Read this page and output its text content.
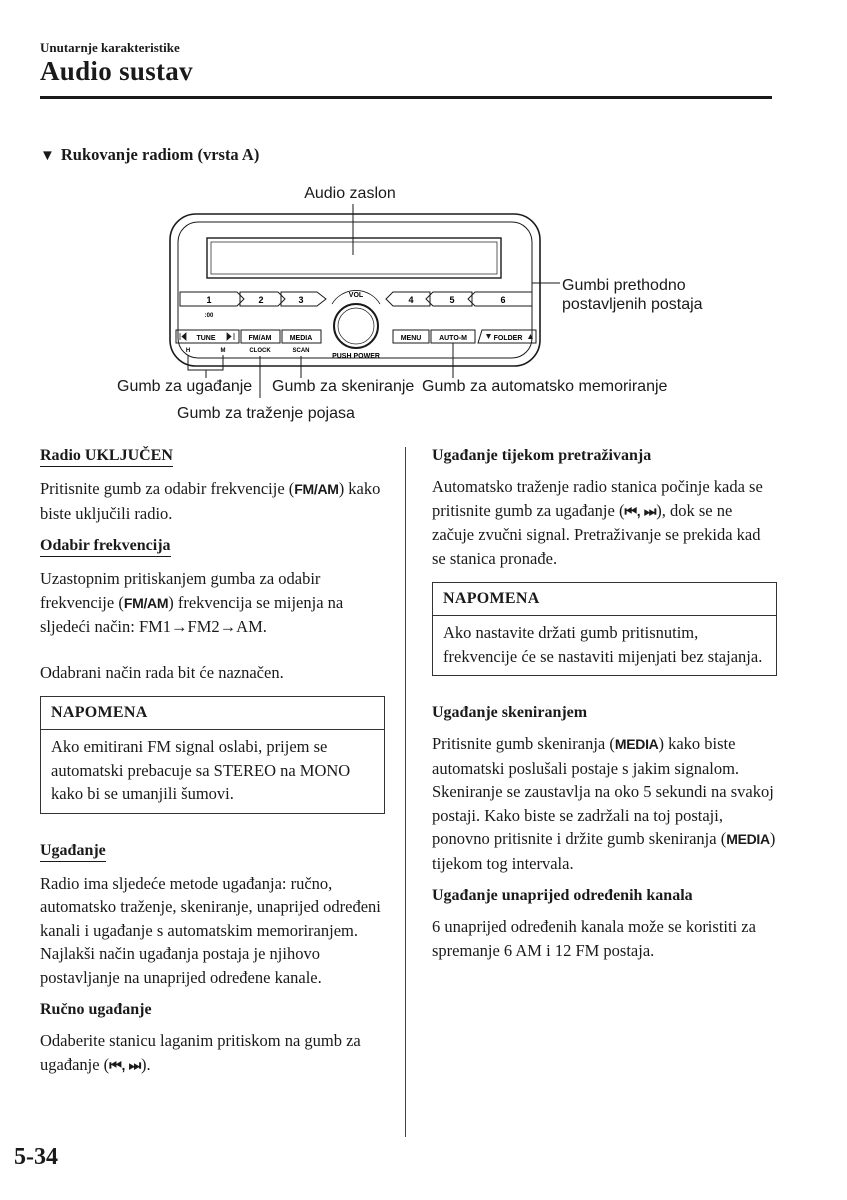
Unutarnje karakteristike
Audio sustav
▼ Rukovanje radiom (vrsta A)
Audio zaslon
1
:00
2	3	4	5	6
VOL
PUSH POWER
TUNE
H	M
FM/AM
CLOCK
MEDIA
SCAN
MENU	AUTO-M	FOLDER
Gumbi prethodno
postavljenih postaja
Gumb za ugađanje
Gumb za traženje pojasa
Gumb za skeniranje Gumb za automatsko memoriranje
Radio UKLJUČEN

Pritisnite gumb za odabir frekvencije (FM/AM) kako biste uključili radio.

Odabir frekvencija

Uzastopnim pritiskanjem gumba za odabir frekvencije (FM/AM) frekvencija se mijenja na sljedeći način: FM1→FM2→AM.

Odabrani način rada bit će naznačen.

NAPOMENA
Ako emitirani FM signal oslabi, prijem se automatski prebacuje sa STEREO na MONO kako bi se umanjili šumovi.
Ugađanje

Radio ima sljedeće metode ugađanja: ručno, automatsko traženje, skeniranje, unaprijed određeni kanali i ugađanje s automatskim memoriranjem. Najlakši način ugađanja postaja je njihovo postavljanje na unaprijed određene kanale.

Ručno ugađanje

Odaberite stanicu laganim pritiskom na gumb za ugađanje (⏮, ⏭).

Ugađanje tijekom pretraživanja

Automatsko traženje radio stanica počinje kada se pritisnite gumb za ugađanje (⏮, ⏭), dok se ne začuje zvučni signal. Pretraživanje se prekida kad se stanica pronađe.

NAPOMENA
Ako nastavite držati gumb pritisnutim, frekvencije će se nastaviti mijenjati bez stajanja.
Ugađanje skeniranjem

Pritisnite gumb skeniranja (MEDIA) kako biste automatski poslušali postaje s jakim signalom. Skeniranje se zaustavlja na oko 5 sekundi na svakoj postaji. Kako biste se zadržali na toj postaji, ponovno pritisnite i držite gumb skeniranja (MEDIA) tijekom tog intervala.

Ugađanje unaprijed određenih kanala

6 unaprijed određenih kanala može se koristiti za spremanje 6 AM i 12 FM postaja.

5-34
